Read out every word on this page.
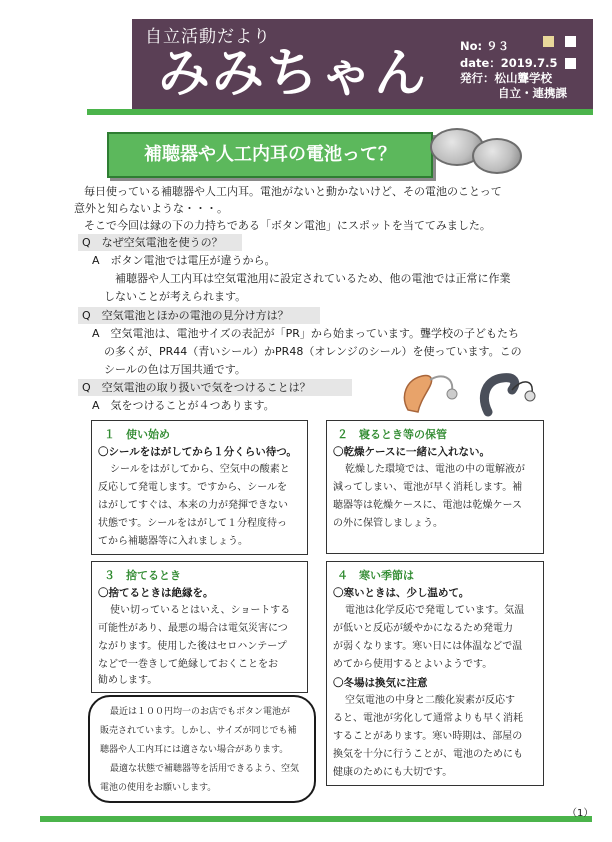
自立活動だより
みみちゃん	No: ９３
date：2019.7.5
発行：松山聾学校
自立・連携課
補聴器や人工内耳の電池って？
毎日使っている補聴器や人工内耳。電池がないと動かないけど、その電池のことって
意外と知らないような・・・。
そこで今回は縁の下の力持ちである「ボタン電池」にスポットを当ててみました。
Q　なぜ空気電池を使うの？
A　ボタン電池では電圧が違うから。
　補聴器や人工内耳は空気電池用に設定されているため、他の電池では正常に作業
しないことが考えられます。
Q　空気電池とほかの電池の見分け方は？
A　空気電池は、電池サイズの表記が「PR」から始まっています。聾学校の子どもたち
の多くが、PR44（青いシール）かPR48（オレンジのシール）を使っています。この
シールの色は万国共通です。
Q　空気電池の取り扱いで気をつけることは？
A　気をつけることが４つあります。
１　使い始め
〇シールをはがしてから１分くらい待つ。
シールをはがしてから、空気中の酸素と
反応して発電します。ですから、シールを
はがしてすぐは、本来の力が発揮できない
状態です。シールをはがして１分程度待っ
てから補聴器等に入れましょう。
２　寝るとき等の保管
〇乾燥ケースに一緒に入れない。
乾燥した環境では、電池の中の電解液が
減ってしまい、電池が早く消耗します。補
聴器等は乾燥ケースに、電池は乾燥ケース
の外に保管しましょう。
３　捨てるとき
〇捨てるときは絶縁を。
使い切っているとはいえ、ショートする
可能性があり、最悪の場合は電気災害につ
ながります。使用した後はセロハンテープ
などで一巻きして絶縁しておくことをお
勧めします。
４　寒い季節は
〇寒いときは、少し温めて。
電池は化学反応で発電しています。気温
が低いと反応が緩やかになるため発電力
が弱くなります。寒い日には体温などで温
めてから使用するとよいようです。
〇冬場は換気に注意
空気電池の中身と二酸化炭素が反応す
ると、電池が劣化して通常よりも早く消耗
することがあります。寒い時期は、部屋の
換気を十分に行うことが、電池のためにも
健康のためにも大切です。
最近は１００円均一のお店でもボタン電池が
販売されています。しかし、サイズが同じでも補
聴器や人工内耳には適さない場合があります。
最適な状態で補聴器等を活用できるよう、空気
電池の使用をお願いします。
（1）
